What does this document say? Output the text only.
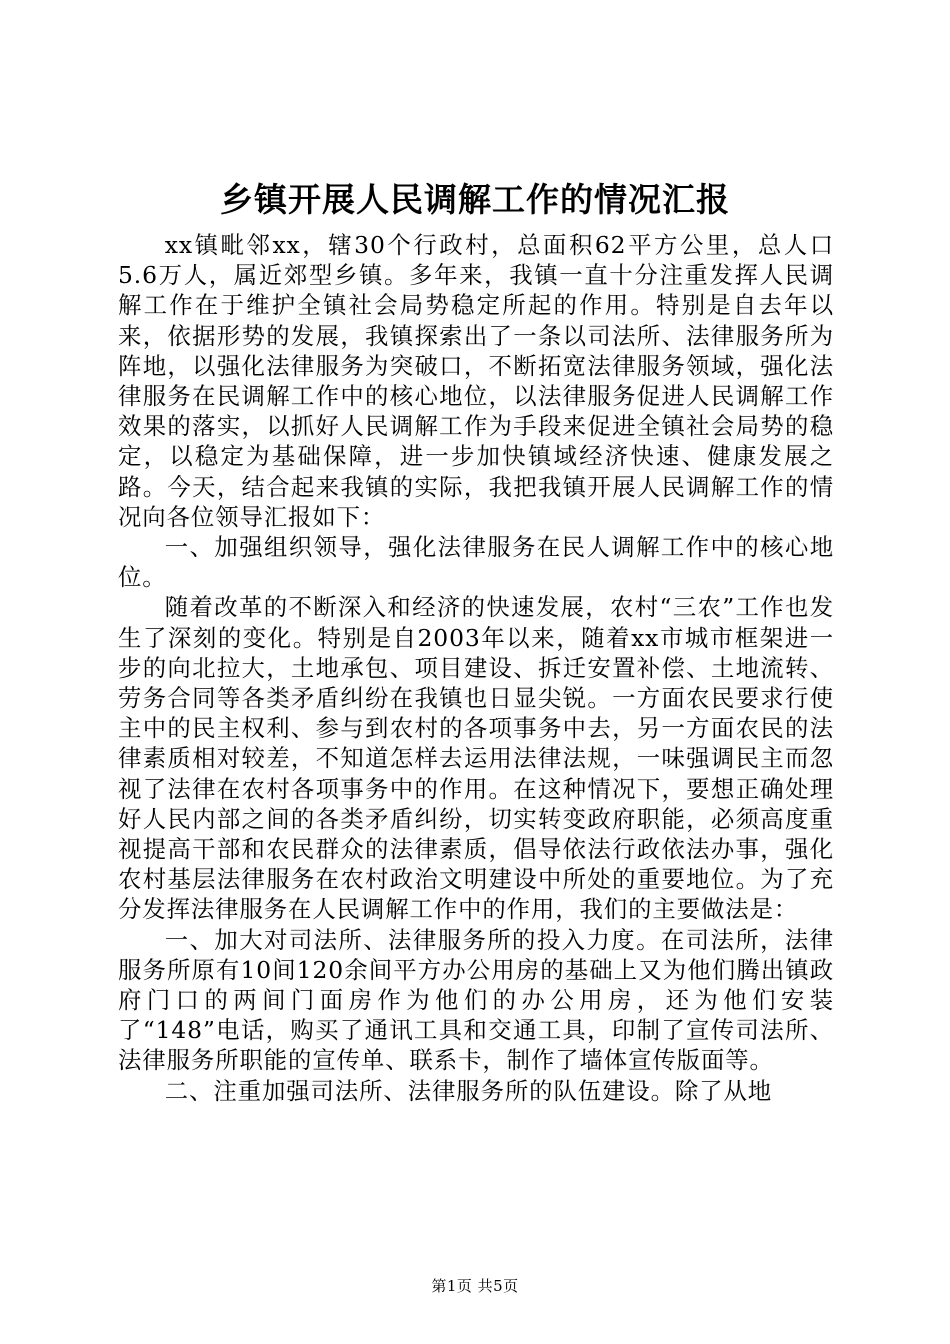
乡镇开展人民调解工作的情况汇报

xx镇毗邻xx，辖30个行政村，总面积62平方公里，总人口5.6万人，属近郊型乡镇。多年来，我镇一直十分注重发挥人民调解工作在于维护全镇社会局势稳定所起的作用。特别是自去年以来，依据形势的发展，我镇探索出了一条以司法所、法律服务所为阵地，以强化法律服务为突破口，不断拓宽法律服务领域，强化法律服务在民调解工作中的核心地位，以法律服务促进人民调解工作效果的落实，以抓好人民调解工作为手段来促进全镇社会局势的稳定，以稳定为基础保障，进一步加快镇域经济快速、健康发展之路。今天，结合起来我镇的实际，我把我镇开展人民调解工作的情况向各位领导汇报如下：

一、加强组织领导，强化法律服务在民人调解工作中的核心地位。

随着改革的不断深入和经济的快速发展，农村“三农”工作也发生了深刻的变化。特别是自2003年以来，随着xx市城市框架进一步的向北拉大，土地承包、项目建设、拆迁安置补偿、土地流转、劳务合同等各类矛盾纠纷在我镇也日显尖锐。一方面农民要求行使主中的民主权利、参与到农村的各项事务中去，另一方面农民的法律素质相对较差，不知道怎样去运用法律法规，一味强调民主而忽视了法律在农村各项事务中的作用。在这种情况下，要想正确处理好人民内部之间的各类矛盾纠纷，切实转变政府职能，必须高度重视提高干部和农民群众的法律素质，倡导依法行政依法办事，强化农村基层法律服务在农村政治文明建设中所处的重要地位。为了充分发挥法律服务在人民调解工作中的作用，我们的主要做法是：

一、加大对司法所、法律服务所的投入力度。在司法所，法律服务所原有10间120余间平方办公用房的基础上又为他们腾出镇政府门口的两间门面房作为他们的办公用房，还为他们安装了“148”电话，购买了通讯工具和交通工具，印制了宣传司法所、法律服务所职能的宣传单、联系卡，制作了墙体宣传版面等。

二、注重加强司法所、法律服务所的队伍建设。除了从地

第1页 共5页
